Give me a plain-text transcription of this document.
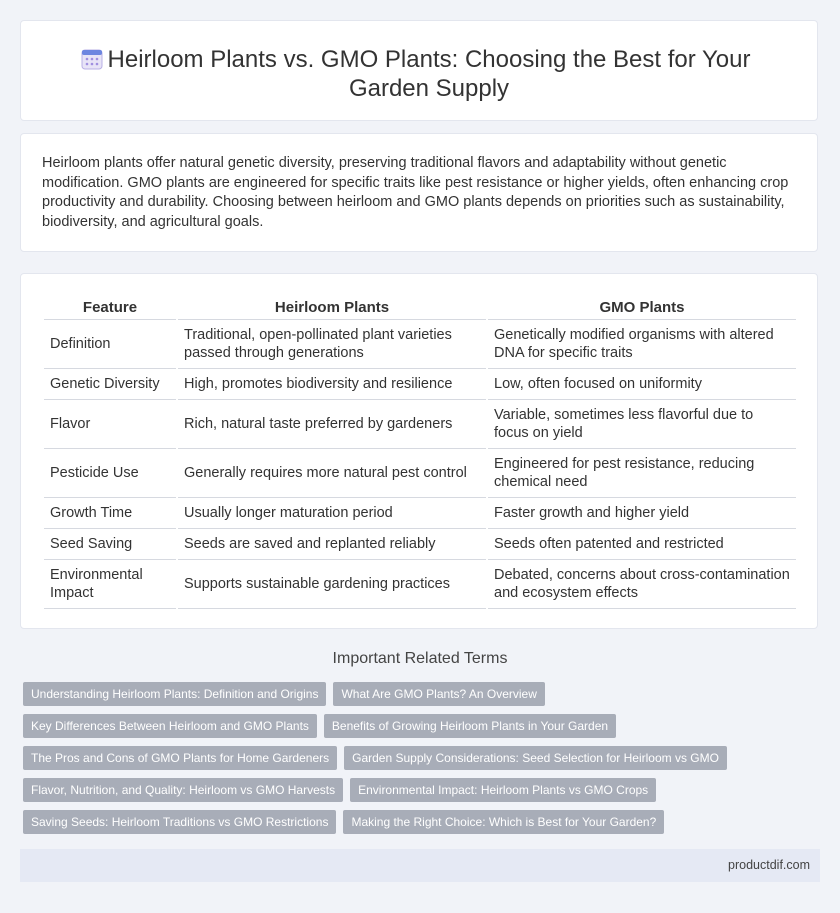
Heirloom Plants vs. GMO Plants: Choosing the Best for Your Garden Supply

Heirloom plants offer natural genetic diversity, preserving traditional flavors and adaptability without genetic modification. GMO plants are engineered for specific traits like pest resistance or higher yields, often enhancing crop productivity and durability. Choosing between heirloom and GMO plants depends on priorities such as sustainability, biodiversity, and agricultural goals.

Feature	Heirloom Plants	GMO Plants
Definition	Traditional, open-pollinated plant varieties passed through generations	Genetically modified organisms with altered DNA for specific traits
Genetic Diversity	High, promotes biodiversity and resilience	Low, often focused on uniformity
Flavor	Rich, natural taste preferred by gardeners	Variable, sometimes less flavorful due to focus on yield
Pesticide Use	Generally requires more natural pest control	Engineered for pest resistance, reducing chemical need
Growth Time	Usually longer maturation period	Faster growth and higher yield
Seed Saving	Seeds are saved and replanted reliably	Seeds often patented and restricted
Environmental Impact	Supports sustainable gardening practices	Debated, concerns about cross-contamination and ecosystem effects
Important Related Terms
Understanding Heirloom Plants: Definition and Origins	What Are GMO Plants? An Overview
Key Differences Between Heirloom and GMO Plants	Benefits of Growing Heirloom Plants in Your Garden
The Pros and Cons of GMO Plants for Home Gardeners	Garden Supply Considerations: Seed Selection for Heirloom vs GMO
Flavor, Nutrition, and Quality: Heirloom vs GMO Harvests	Environmental Impact: Heirloom Plants vs GMO Crops
Saving Seeds: Heirloom Traditions vs GMO Restrictions	Making the Right Choice: Which is Best for Your Garden?
productdif.com
